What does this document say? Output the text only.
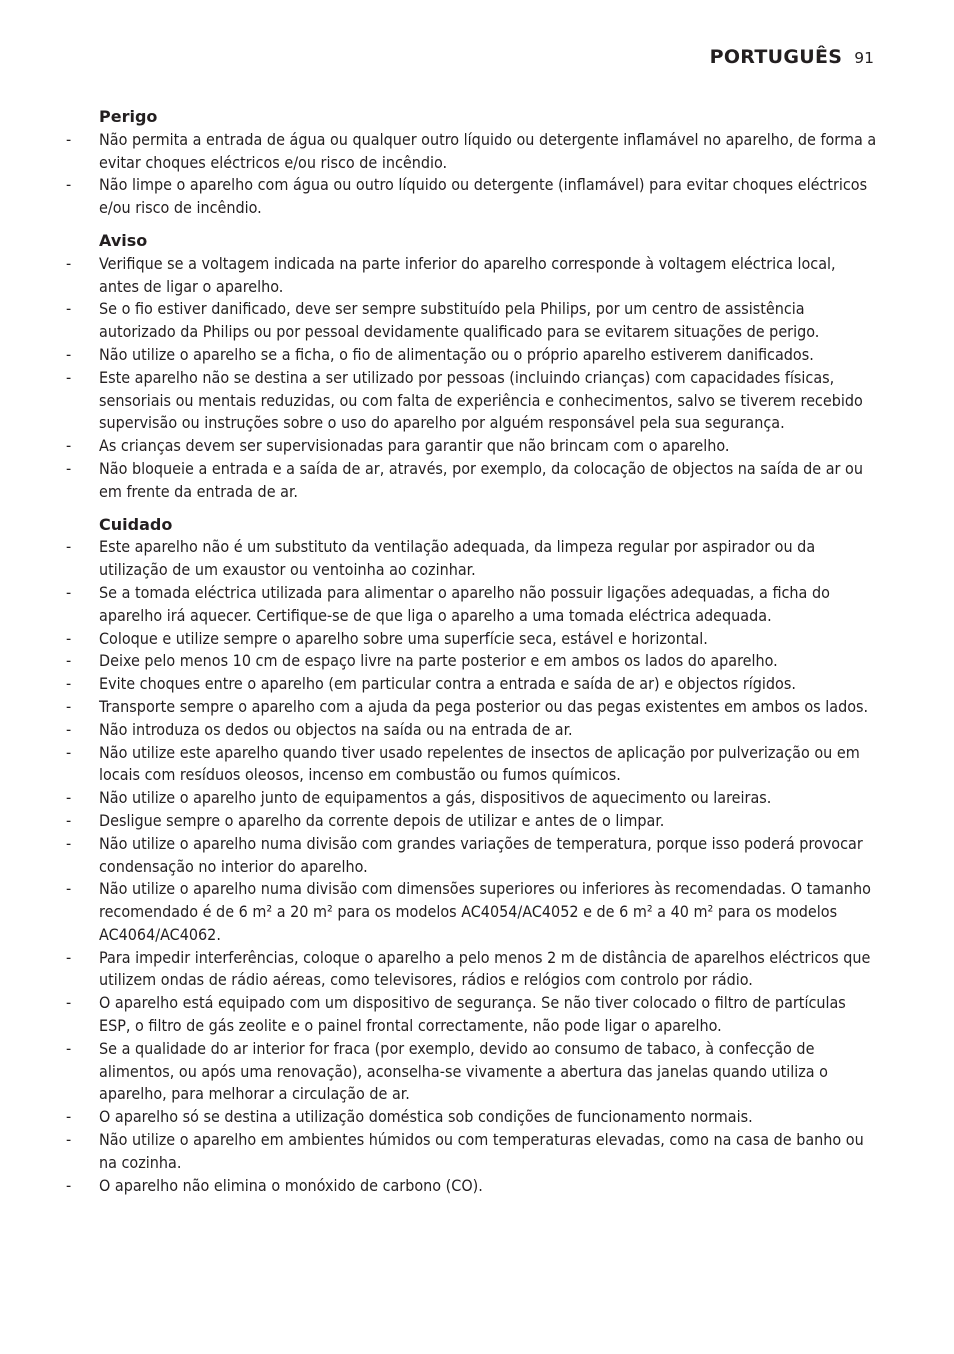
PORTUGUÊS 91
Perigo
- Não permita a entrada de água ou qualquer outro líquido ou detergente inflamável no aparelho, de forma a evitar choques eléctricos e/ou risco de incêndio.
- Não limpe o aparelho com água ou outro líquido ou detergente (inflamável) para evitar choques eléctricos e/ou risco de incêndio.
Aviso
- Verifique se a voltagem indicada na parte inferior do aparelho corresponde à voltagem eléctrica local, antes de ligar o aparelho.
- Se o fio estiver danificado, deve ser sempre substituído pela Philips, por um centro de assistência autorizado da Philips ou por pessoal devidamente qualificado para se evitarem situações de perigo.
- Não utilize o aparelho se a ficha, o fio de alimentação ou o próprio aparelho estiverem danificados.
- Este aparelho não se destina a ser utilizado por pessoas (incluindo crianças) com capacidades físicas, sensoriais ou mentais reduzidas, ou com falta de experiência e conhecimentos, salvo se tiverem recebido supervisão ou instruções sobre o uso do aparelho por alguém responsável pela sua segurança.
- As crianças devem ser supervisionadas para garantir que não brincam com o aparelho.
- Não bloqueie a entrada e a saída de ar, através, por exemplo, da colocação de objectos na saída de ar ou em frente da entrada de ar.
Cuidado
- Este aparelho não é um substituto da ventilação adequada, da limpeza regular por aspirador ou da utilização de um exaustor ou ventoinha ao cozinhar.
- Se a tomada eléctrica utilizada para alimentar o aparelho não possuir ligações adequadas, a ficha do aparelho irá aquecer. Certifique-se de que liga o aparelho a uma tomada eléctrica adequada.
- Coloque e utilize sempre o aparelho sobre uma superfície seca, estável e horizontal.
- Deixe pelo menos 10 cm de espaço livre na parte posterior e em ambos os lados do aparelho.
- Evite choques entre o aparelho (em particular contra a entrada e saída de ar) e objectos rígidos.
- Transporte sempre o aparelho com a ajuda da pega posterior ou das pegas existentes em ambos os lados.
- Não introduza os dedos ou objectos na saída ou na entrada de ar.
- Não utilize este aparelho quando tiver usado repelentes de insectos de aplicação por pulverização ou em locais com resíduos oleosos, incenso em combustão ou fumos químicos.
- Não utilize o aparelho junto de equipamentos a gás, dispositivos de aquecimento ou lareiras.
- Desligue sempre o aparelho da corrente depois de utilizar e antes de o limpar.
- Não utilize o aparelho numa divisão com grandes variações de temperatura, porque isso poderá provocar condensação no interior do aparelho.
- Não utilize o aparelho numa divisão com dimensões superiores ou inferiores às recomendadas. O tamanho recomendado é de 6 m² a 20 m² para os modelos AC4054/AC4052 e de 6 m² a 40 m² para os modelos AC4064/AC4062.
- Para impedir interferências, coloque o aparelho a pelo menos 2 m de distância de aparelhos eléctricos que utilizem ondas de rádio aéreas, como televisores, rádios e relógios com controlo por rádio.
- O aparelho está equipado com um dispositivo de segurança. Se não tiver colocado o filtro de partículas ESP, o filtro de gás zeolite e o painel frontal correctamente, não pode ligar o aparelho.
- Se a qualidade do ar interior for fraca (por exemplo, devido ao consumo de tabaco, à confecção de alimentos, ou após uma renovação), aconselha-se vivamente a abertura das janelas quando utiliza o aparelho, para melhorar a circulação de ar.
- O aparelho só se destina a utilização doméstica sob condições de funcionamento normais.
- Não utilize o aparelho em ambientes húmidos ou com temperaturas elevadas, como na casa de banho ou na cozinha.
- O aparelho não elimina o monóxido de carbono (CO).
